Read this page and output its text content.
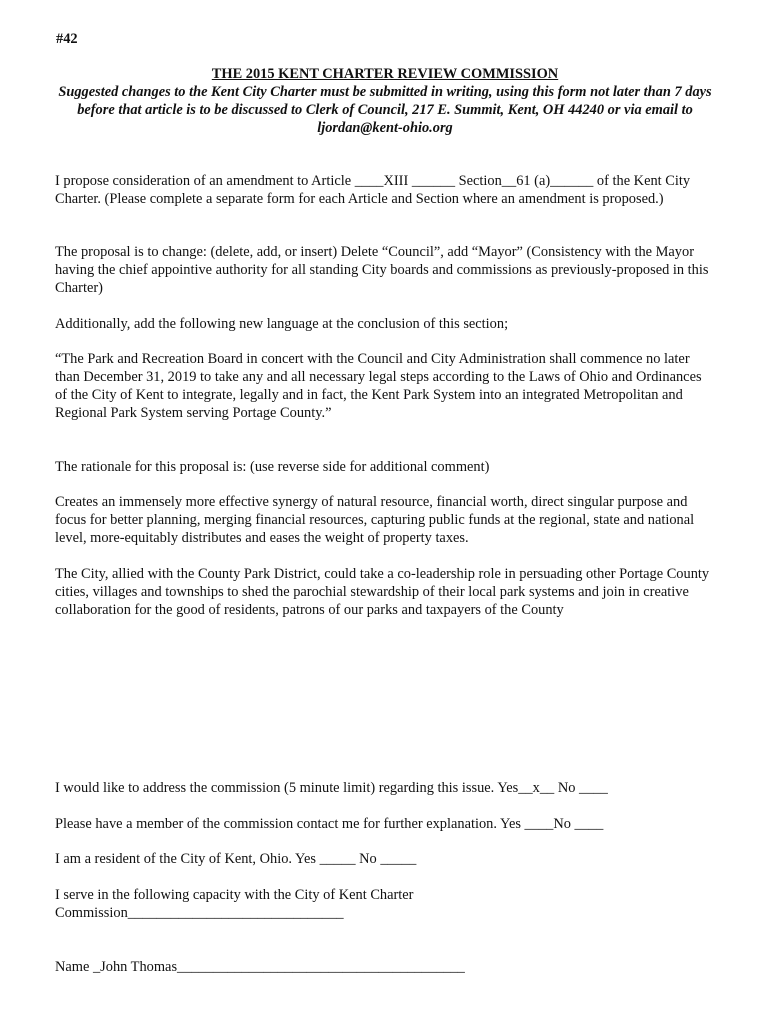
#42

THE 2015 KENT CHARTER REVIEW COMMISSION

Suggested changes to the Kent City Charter must be submitted in writing, using this form not later than 7 days before that article is to be discussed to Clerk of Council, 217 E. Summit, Kent, OH 44240 or via email to ljordan@kent-ohio.org

I propose consideration of an amendment to Article ____XIII ______ Section__61 (a)______ of the Kent City Charter. (Please complete a separate form for each Article and Section where an amendment is proposed.)

The proposal is to change: (delete, add, or insert) Delete “Council”, add “Mayor” (Consistency with the Mayor having the chief appointive authority for all standing City boards and commissions as previously-proposed in this Charter)

Additionally, add the following new language at the conclusion of this section;

“The Park and Recreation Board in concert with the Council and City Administration shall commence no later than December 31, 2019 to take any and all necessary legal steps according to the Laws of Ohio and Ordinances of the City of Kent to integrate, legally and in fact, the Kent Park System into an integrated Metropolitan and Regional Park System serving Portage County.”

The rationale for this proposal is: (use reverse side for additional comment)

Creates an immensely more effective synergy of natural resource, financial worth, direct singular purpose and focus for better planning, merging financial resources, capturing public funds at the regional, state and national level, more-equitably distributes and eases the weight of property taxes.

The City, allied with the County Park District, could take a co-leadership role in persuading other Portage County cities, villages and townships to shed the parochial stewardship of their local park systems and join in creative collaboration for the good of residents, patrons of our parks and taxpayers of the County

I would like to address the commission (5 minute limit) regarding this issue. Yes__x__ No ____

Please have a member of the commission contact me for further explanation. Yes ____No ____

I am a resident of the City of Kent, Ohio. Yes _____ No _____

I serve in the following capacity with the City of Kent Charter

Commission______________________________

Name _John Thomas________________________________________
